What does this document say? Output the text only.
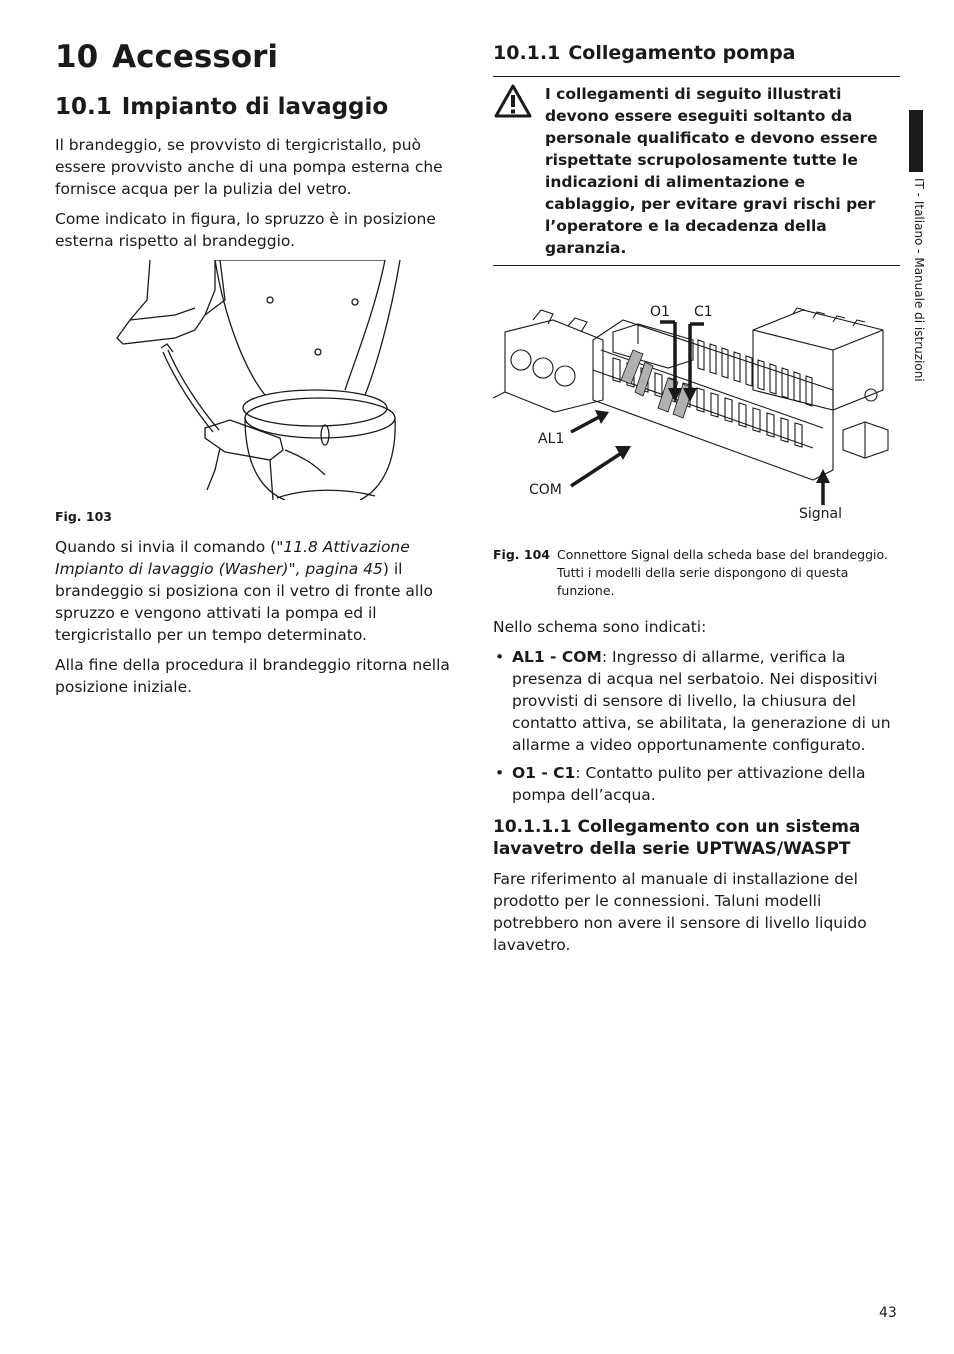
10 Accessori
10.1 Impianto di lavaggio

Il brandeggio, se provvisto di tergicristallo, può essere provvisto anche di una pompa esterna che fornisce acqua per la pulizia del vetro.

Come indicato in figura, lo spruzzo è in posizione esterna rispetto al brandeggio.

Fig. 103

Quando si invia il comando ("11.8 Attivazione Impianto di lavaggio (Washer)", pagina 45) il brandeggio si posiziona con il vetro di fronte allo spruzzo e vengono attivati la pompa ed il tergicristallo per un tempo determinato.

Alla fine della procedura il brandeggio ritorna nella posizione iniziale.

10.1.1 Collegamento pompa
I collegamenti di seguito illustrati devono essere eseguiti soltanto da personale qualificato e devono essere rispettate scrupolosamente tutte le indicazioni di alimentazione e cablaggio, per evitare gravi rischi per l’operatore e la decadenza della garanzia.
O1 C1
AL1
COM
Signal
Fig. 104 Connettore Signal della scheda base del brandeggio. Tutti i modelli della serie dispongono di questa funzione.

Nello schema sono indicati:

• AL1 - COM: Ingresso di allarme, verifica la presenza di acqua nel serbatoio. Nei dispositivi provvisti di sensore di livello, la chiusura del contatto attiva, se abilitata, la generazione di un allarme a video opportunamente configurato.
• O1 - C1: Contatto pulito per attivazione della pompa dell’acqua.
10.1.1.1 Collegamento con un sistema lavavetro della serie UPTWAS/WASPT

Fare riferimento al manuale di installazione del prodotto per le connessioni. Taluni modelli potrebbero non avere il sensore di livello liquido lavavetro.

IT - Italiano - Manuale di istruzioni
43
